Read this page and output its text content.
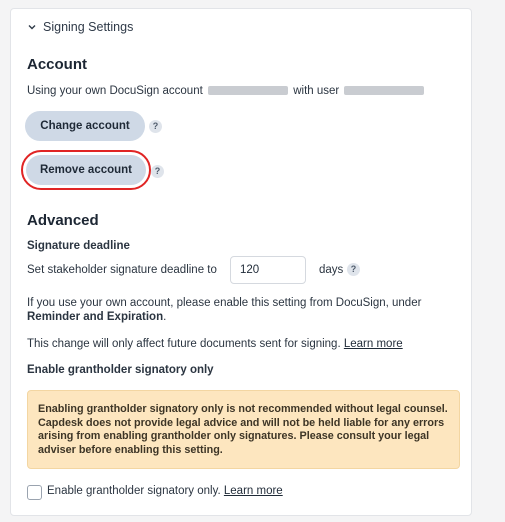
Signing Settings
Account
Using your own DocuSign account	with user
Change account	?
Remove account	?
Advanced
Signature deadline
Set stakeholder signature deadline to	120	days ?
If you use your own account, please enable this setting from DocuSign, under
Reminder and Expiration.
This change will only affect future documents sent for signing. Learn more
Enable grantholder signatory only
Enabling grantholder signatory only is not recommended without legal counsel. Capdesk does not provide legal advice and will not be held liable for any errors arising from enabling grantholder only signatures. Please consult your legal adviser before enabling this setting.
Enable grantholder signatory only. Learn more
